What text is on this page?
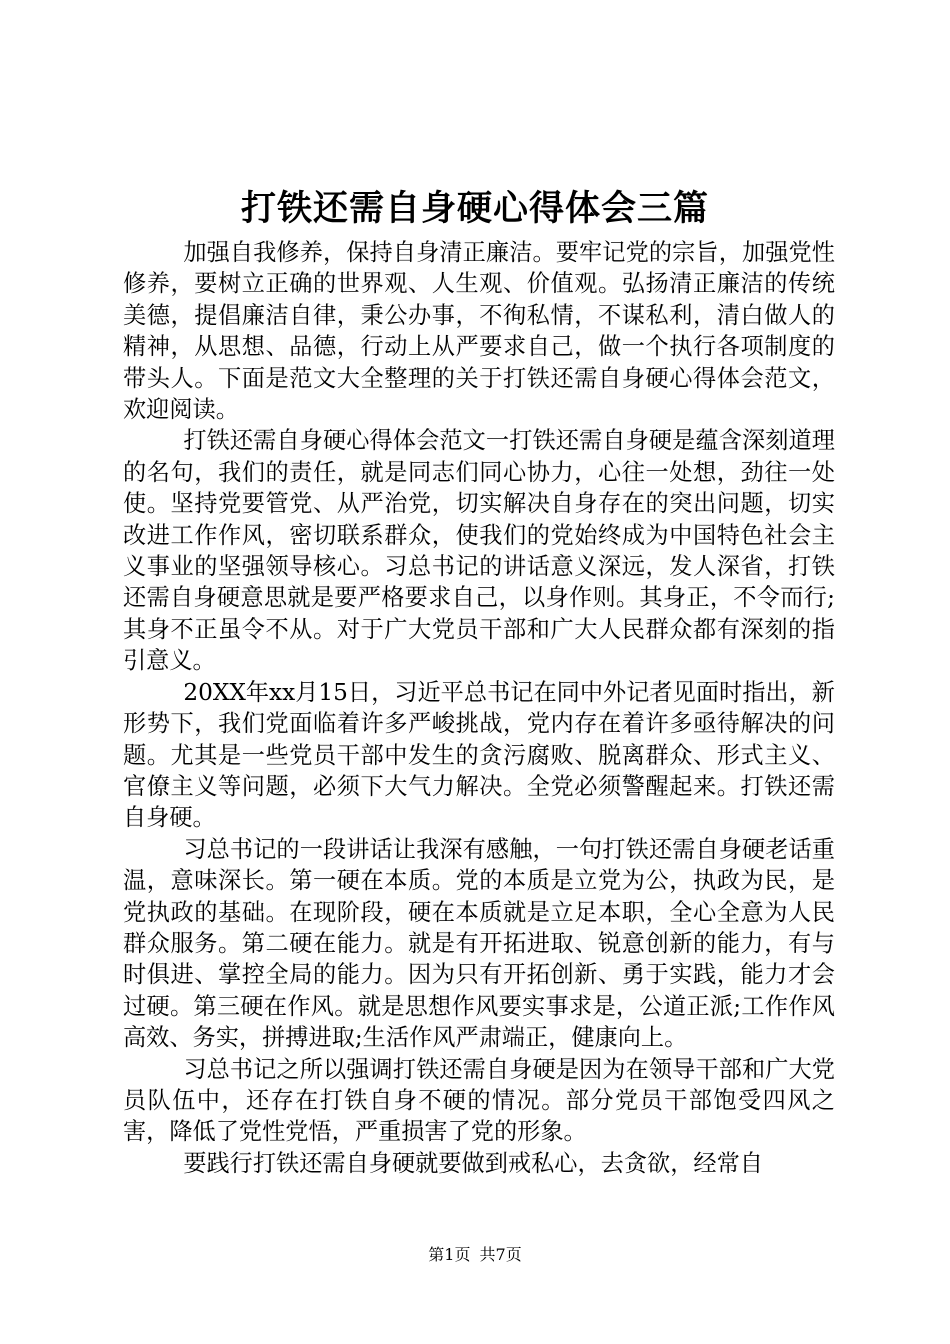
打铁还需自身硬心得体会三篇

加强自我修养，保持自身清正廉洁。要牢记党的宗旨，加强党性修养，要树立正确的世界观、人生观、价值观。弘扬清正廉洁的传统美德，提倡廉洁自律，秉公办事，不徇私情，不谋私利，清白做人的精神，从思想、品德，行动上从严要求自己，做一个执行各项制度的带头人。下面是范文大全整理的关于打铁还需自身硬心得体会范文，欢迎阅读。

打铁还需自身硬心得体会范文一打铁还需自身硬是蕴含深刻道理的名句，我们的责任，就是同志们同心协力，心往一处想，劲往一处使。坚持党要管党、从严治党，切实解决自身存在的突出问题，切实改进工作作风，密切联系群众，使我们的党始终成为中国特色社会主义事业的坚强领导核心。习总书记的讲话意义深远，发人深省，打铁还需自身硬意思就是要严格要求自己，以身作则。其身正，不令而行;其身不正虽令不从。对于广大党员干部和广大人民群众都有深刻的指引意义。

20XX年xx月15日，习近平总书记在同中外记者见面时指出，新形势下，我们党面临着许多严峻挑战，党内存在着许多亟待解决的问题。尤其是一些党员干部中发生的贪污腐败、脱离群众、形式主义、官僚主义等问题，必须下大气力解决。全党必须警醒起来。打铁还需自身硬。

习总书记的一段讲话让我深有感触，一句打铁还需自身硬老话重温，意味深长。第一硬在本质。党的本质是立党为公，执政为民，是党执政的基础。在现阶段，硬在本质就是立足本职，全心全意为人民群众服务。第二硬在能力。就是有开拓进取、锐意创新的能力，有与时俱进、掌控全局的能力。因为只有开拓创新、勇于实践，能力才会过硬。第三硬在作风。就是思想作风要实事求是，公道正派;工作作风高效、务实，拼搏进取;生活作风严肃端正，健康向上。

习总书记之所以强调打铁还需自身硬是因为在领导干部和广大党员队伍中，还存在打铁自身不硬的情况。部分党员干部饱受四风之害，降低了党性党悟，严重损害了党的形象。

要践行打铁还需自身硬就要做到戒私心，去贪欲，经常自

第1页 共7页
